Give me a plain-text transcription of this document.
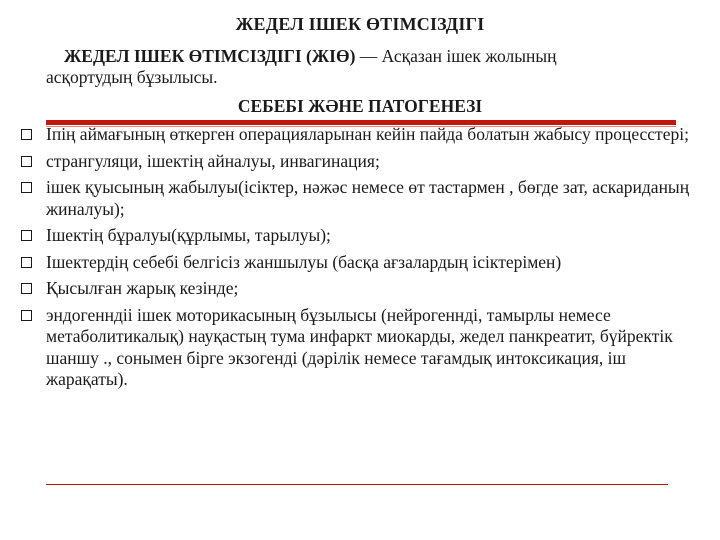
ЖЕДЕЛ ІШЕК ӨТІМСІЗДІГІ
ЖЕДЕЛ ІШЕК ӨТІМСІЗДІГІ (ЖІӨ) — Асқазан ішек жолының
асқортудың бұзылысы.
СЕБЕБІ ЖӘНЕ ПАТОГЕНЕЗІ
Іпің аймағының өткерген операцияларынан кейін пайда болатын жабысу процесстері;
странгуляци, ішектің айналуы, инвагинация;
ішек қуысының жабылуы(ісіктер, нәжәс немесе өт тастармен , бөгде зат, аскариданың жиналуы);
Ішектің бұралуы(құрлымы, тарылуы);
Ішектердің себебі белгісіз жаншылуы (басқа ағзалардың ісіктерімен)
Қысылған жарық кезінде;
эндогенндіі ішек моторикасының бұзылысы (нейрогенндi, тамырлы немесе метаболитикалық) науқастың тума инфаркт миокарды, жедел панкреатит, бүйректік шаншу ., сонымен бірге экзогенді (дәрілік немесе тағамдық интоксикация, іш жарақаты).
